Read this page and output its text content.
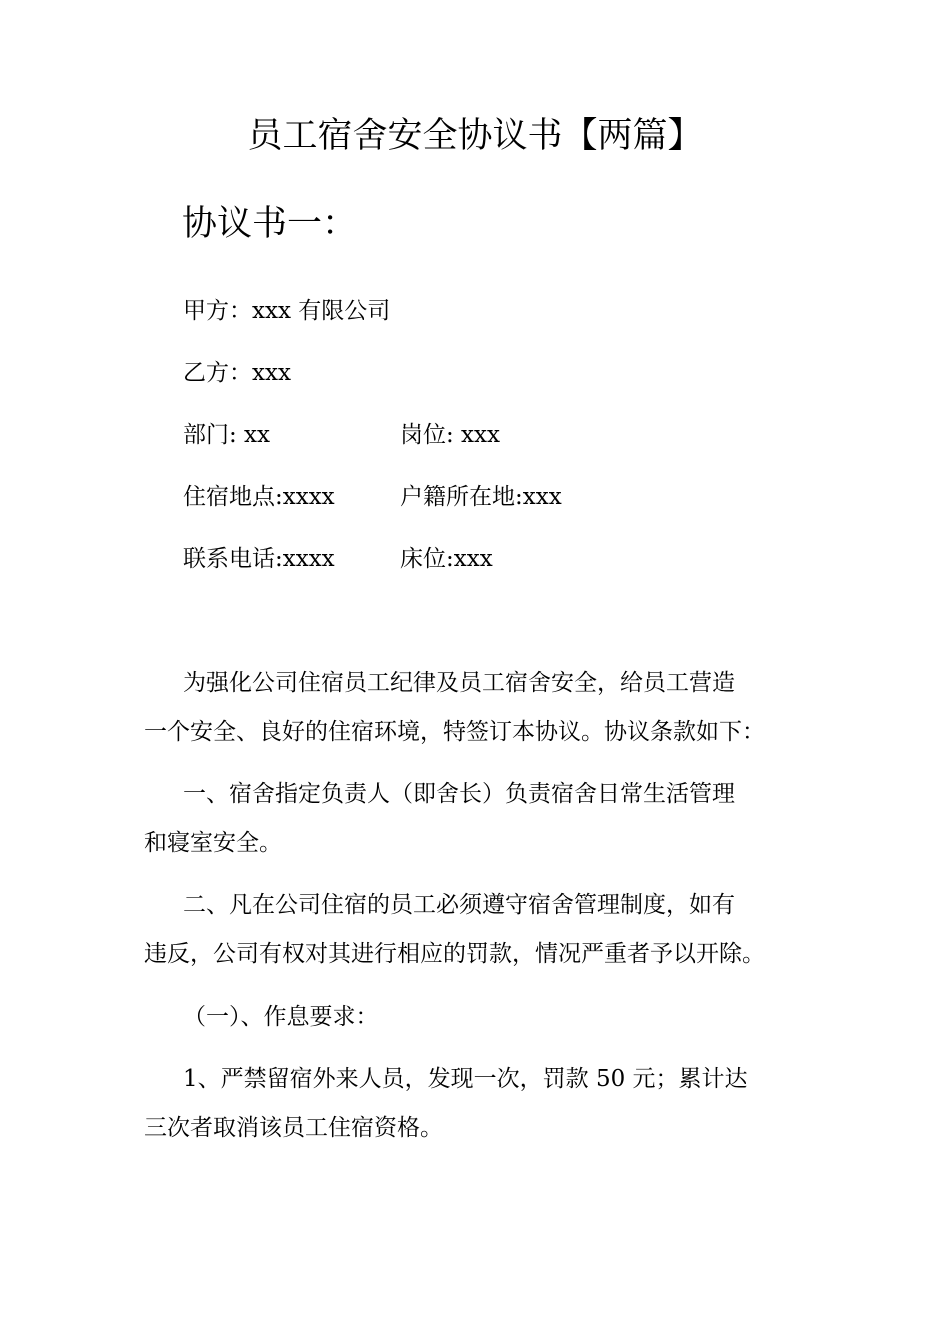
员工宿舍安全协议书【两篇】
协议书一：
甲方：xxx 有限公司
乙方：xxx
部门: xx	岗位: xxx
住宿地点:xxxx	户籍所在地:xxx
联系电话:xxxx	床位:xxx
为强化公司住宿员工纪律及员工宿舍安全，给员工营造
一个安全、良好的住宿环境，特签订本协议。协议条款如下：
一、宿舍指定负责人（即舍长）负责宿舍日常生活管理
和寝室安全。
二、凡在公司住宿的员工必须遵守宿舍管理制度，如有
违反，公司有权对其进行相应的罚款，情况严重者予以开除。
（一）、作息要求：
1、严禁留宿外来人员，发现一次，罚款 50 元；累计达
三次者取消该员工住宿资格。
